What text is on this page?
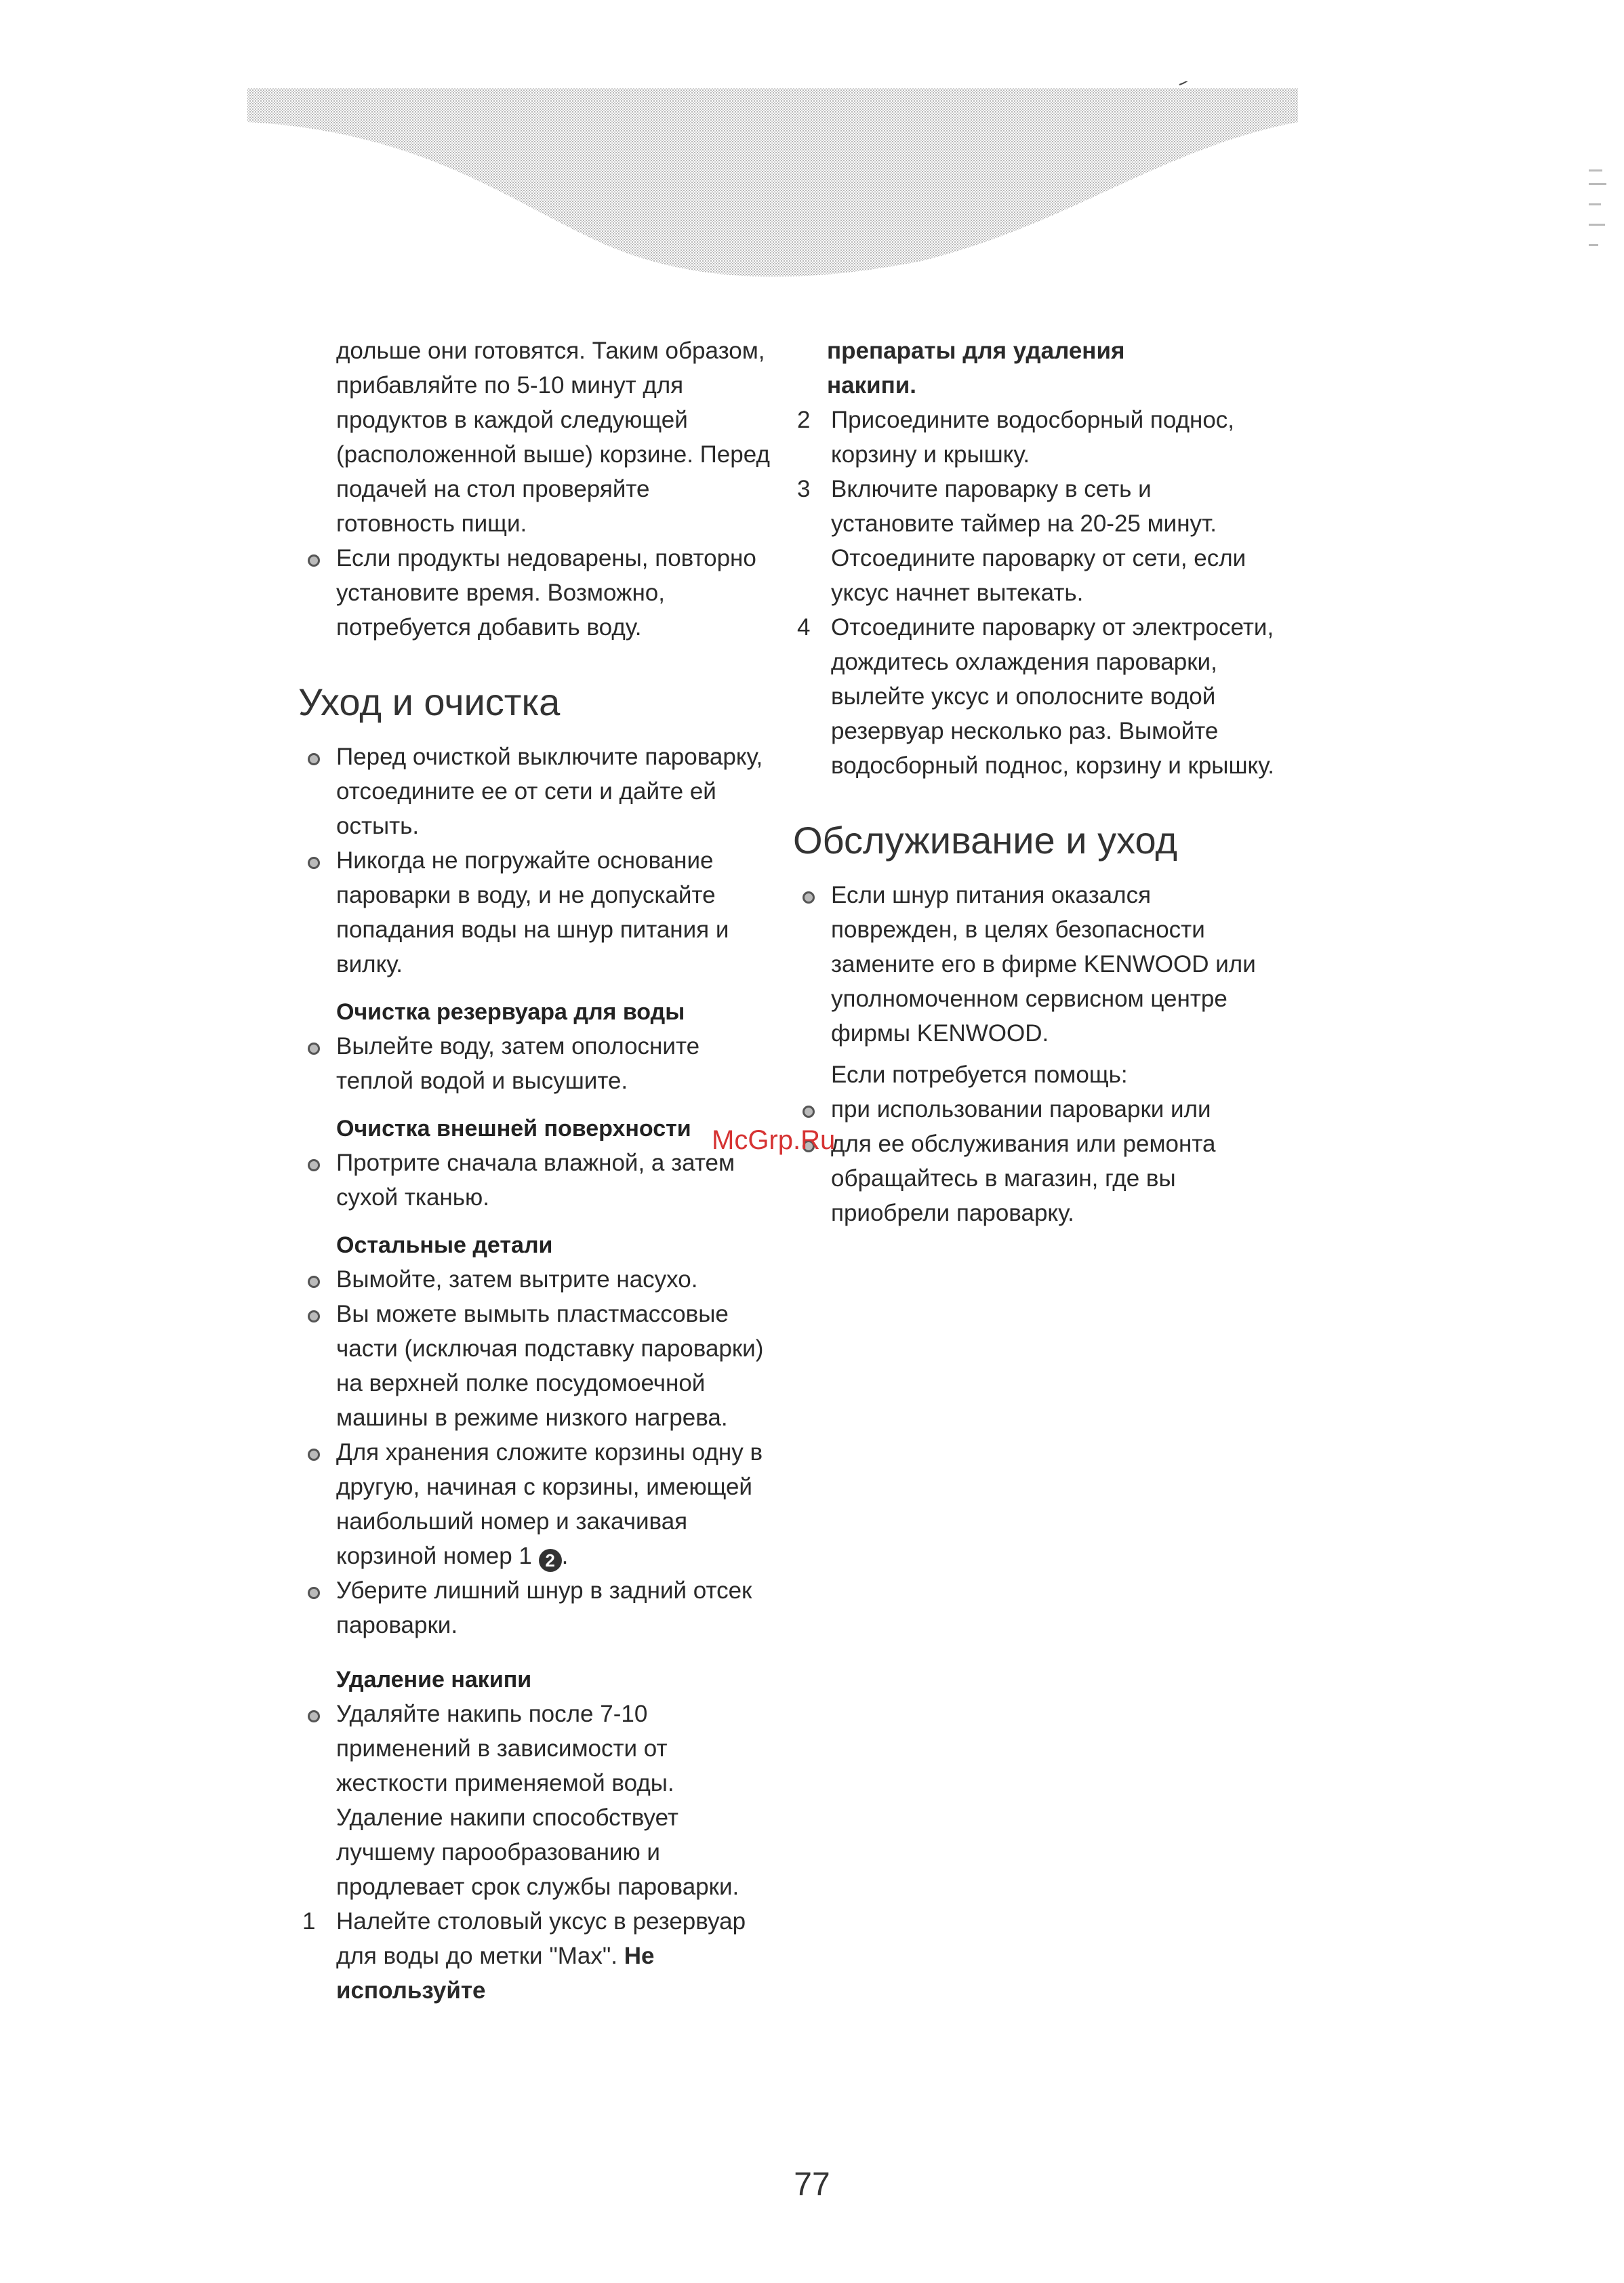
дольше они готовятся. Таким образом, прибавляйте по 5-10 минут для продуктов в каждой следующей (расположенной выше) корзине. Перед подачей на стол проверяйте готовность пищи.

Если продукты недоварены, повторно установите время. Возможно, потребуется добавить воду.
Уход и очистка
Перед очисткой выключите пароварку, отсоедините ее от сети и дайте ей остыть.
Никогда не погружайте основание пароварки в воду, и не допускайте попадания воды на шнур питания и вилку.

Очистка резервуара для воды

Вылейте воду, затем ополосните теплой водой и высушите.

Очистка внешней поверхности

Протрите сначала влажной, а затем сухой тканью.

Остальные детали

Вымойте, затем вытрите насухо.
Вы можете вымыть пластмассовые части (исключая подставку пароварки) на верхней полке посудомоечной машины в режиме низкого нагрева.
Для хранения сложите корзины одну в другую, начиная с корзины, имеющей наибольший номер и закачивая корзиной номер 1 2 .
Уберите лишний шнур в задний отсек пароварки.

Удаление накипи

Удаляйте накипь после 7-10 применений в зависимости от жесткости применяемой воды. Удаление накипи способствует лучшему парообразованию и продлевает срок службы пароварки.
1 Налейте столовый уксус в резервуар для воды до метки "Max". Не используйте

препараты для удаления накипи.

2 Присоедините водосборный поднос, корзину и крышку.
3 Включите пароварку в сеть и установите таймер на 20-25 минут. Отсоедините пароварку от сети, если уксус начнет вытекать.
4 Отсоедините пароварку от электросети, дождитесь охлаждения пароварки, вылейте уксус и ополосните водой резервуар несколько раз. Вымойте водосборный поднос, корзину и крышку.
Обслуживание и уход
Если шнур питания оказался поврежден, в целях безопасности замените его в фирме KENWOOD или уполномоченном сервисном центре фирмы KENWOOD.

Если потребуется помощь:

при использовании пароварки или
для ее обслуживания или ремонта

обращайтесь в магазин, где вы приобрели пароварку.

McGrp.Ru
77
